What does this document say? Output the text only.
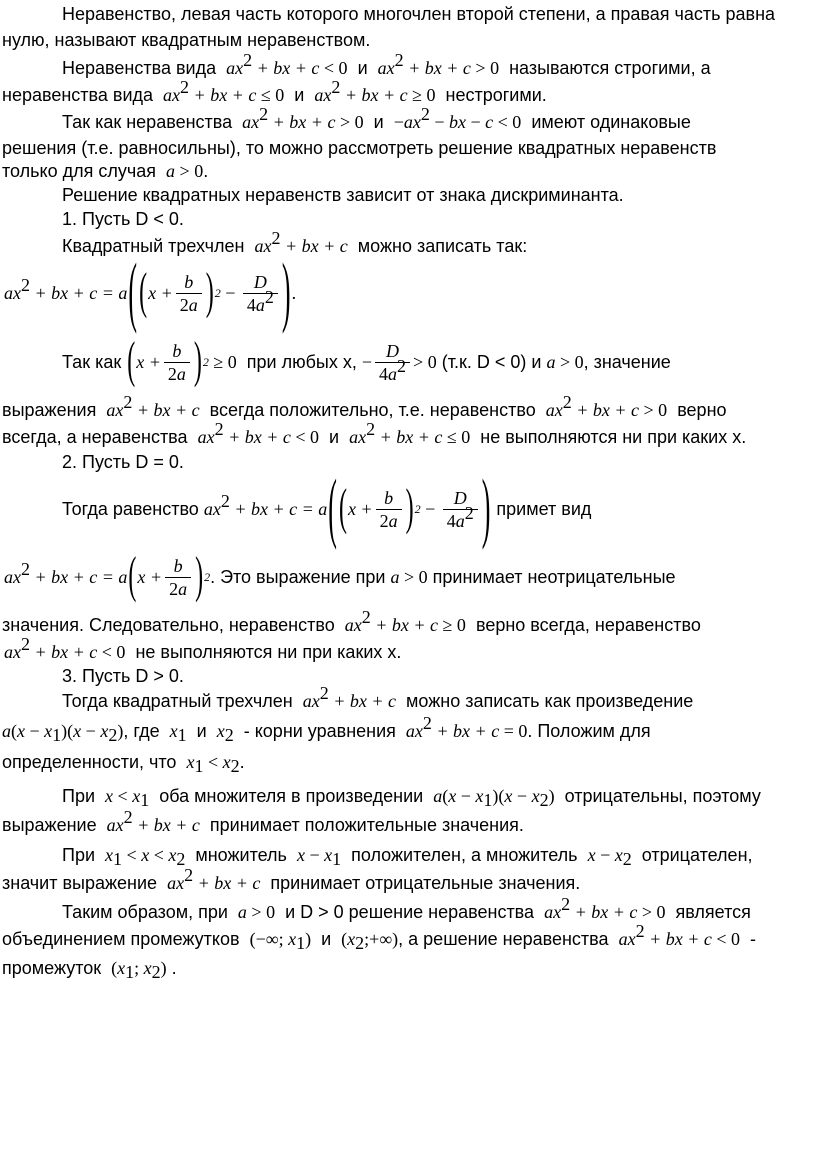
Неравенство, левая часть которого многочлен второй степени, а правая часть равна
нулю, называют квадратным неравенством.
Неравенства вида $ax^2$ + bx + c < 0 и $ax^2$ + bx + c > 0 называются строгими, а
неравенства вида $ax^2$ + bx + c ≤ 0 и $ax^2$ + bx + c ≥ 0 нестрогими.
Так как неравенства $ax^2$ + bx + c > 0 $и -ax^2$ − bx − c < 0 имеют одинаковые
решения (т.е. равносильны), то можно рассмотреть решение квадратных неравенств
только для случая a > 0.
Решение квадратных неравенств зависит от знака дискриминанта.
1. Пусть D < 0.
Квадратный трехчлен $ax^2$ + bx + c можно записать так:
$ax^2$ + bx + c = a ( ( $x + \frac{b}{2a}$ ) $2 - \frac{D}{4a^2}$ ) .
Так как
( $x + \frac{b}{2a}$ ) 2 ≥ 0
при любых x,
− $\frac{D}{4a^2} > 0$
(т.к. D < 0) и
a > 0 , значение
выражения $ax^2$ + bx + c всегда положительно, т.е. неравенство $ax^2$ + bx + c > 0 верно
всегда, а неравенства $ax^2$ + bx + c < 0 и $ax^2$ + bx + c ≤ 0 не выполняются ни при каких x.
2. Пусть D = 0.
Тогда равенство
$ax^2$ + bx + c = a ( ( $x + \frac{b}{2a}$ ) $2 - \frac{D}{4a^2}$ )
примет вид
$ax^2$ + bx + c = a ( $x + \frac{b}{2a}$ ) 2 . Это выражение при
a > 0
принимает неотрицательные
значения. Следовательно, неравенство $ax^2$ + bx + c ≥ 0 верно всегда, неравенство
$ax^2$ + bx + c < 0 не выполняются ни при каких x.
3. Пусть D > 0.
Тогда квадратный трехчлен $ax^2$ + bx + c можно записать как произведение
$a(x - x_1)(x - x_2)$, где $x_1$ и $x_2$ - корни уравнения $ax^2$ + bx + c = 0. Положим для
определенности, что $x_1 < x_2$.
При $x < x_1$ оба множителя в произведении $a(x - x_1)(x - x_2)$ отрицательны, поэтому
выражение $ax^2$ + bx + c принимает положительные значения.
При $x_1 < x < x_2$ множитель $x - x_1$ положителен, а множитель $x - x_2$ отрицателен,
значит выражение $ax^2$ + bx + c принимает отрицательные значения.
Таким образом, при a > 0 и D > 0 решение неравенства $ax^2$ + bx + c > 0 является
объединением промежутков (−∞; $x_1$) и $(x_2;+\infty)$, а решение неравенства $ax^2$ + bx + c < 0 -
промежуток ($x_1$; $x_2$) .
